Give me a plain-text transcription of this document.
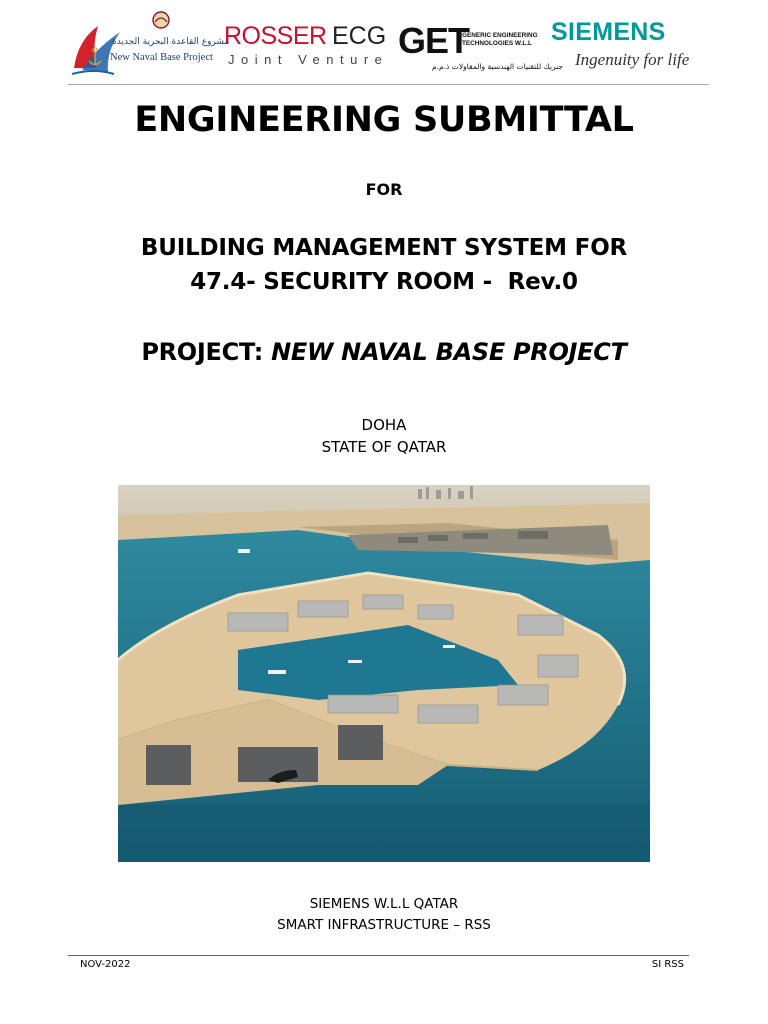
مشروع القاعدة البحرية الجديدة
New Naval Base Project
ROSSER ECG
Joint Venture GET
GENERIC ENGINEERING
TECHNOLOGIES W.L.L
جنريك للتقنيات الهندسية والمقاولات ذ.م.م
SIEMENS
Ingenuity for life
ENGINEERING SUBMITTAL
FOR
BUILDING MANAGEMENT SYSTEM FOR
47.4- SECURITY ROOM -  Rev.0
PROJECT: NEW NAVAL BASE PROJECT
DOHA
STATE OF QATAR
SIEMENS W.L.L QATAR
SMART INFRASTRUCTURE – RSS
NOV-2022	SI RSS
